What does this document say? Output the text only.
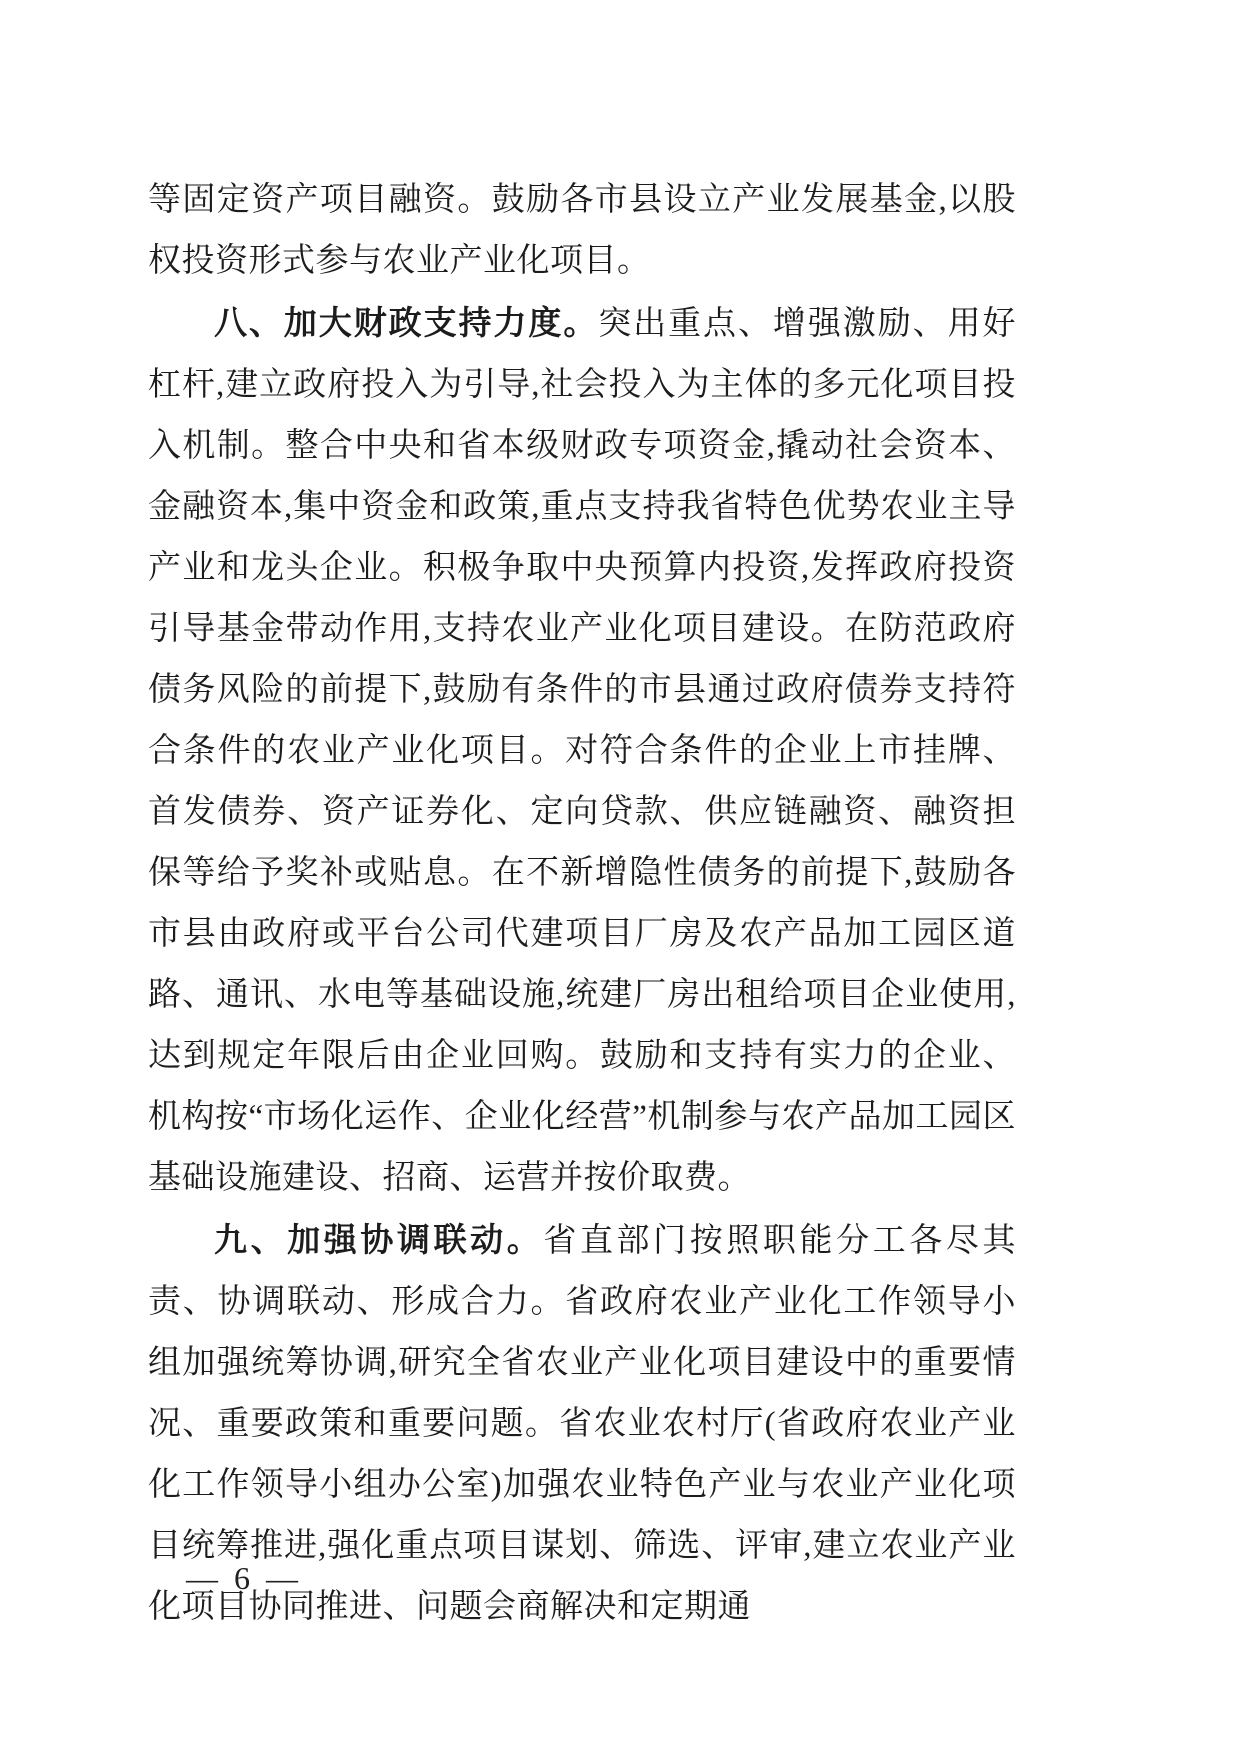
等固定资产项目融资。鼓励各市县设立产业发展基金,以股权投资形式参与农业产业化项目。

八、加大财政支持力度。突出重点、增强激励、用好杠杆,建立政府投入为引导,社会投入为主体的多元化项目投入机制。整合中央和省本级财政专项资金,撬动社会资本、金融资本,集中资金和政策,重点支持我省特色优势农业主导产业和龙头企业。积极争取中央预算内投资,发挥政府投资引导基金带动作用,支持农业产业化项目建设。在防范政府债务风险的前提下,鼓励有条件的市县通过政府债券支持符合条件的农业产业化项目。对符合条件的企业上市挂牌、首发债券、资产证券化、定向贷款、供应链融资、融资担保等给予奖补或贴息。在不新增隐性债务的前提下,鼓励各市县由政府或平台公司代建项目厂房及农产品加工园区道路、通讯、水电等基础设施,统建厂房出租给项目企业使用,达到规定年限后由企业回购。鼓励和支持有实力的企业、机构按“市场化运作、企业化经营”机制参与农产品加工园区基础设施建设、招商、运营并按价取费。

九、加强协调联动。省直部门按照职能分工各尽其责、协调联动、形成合力。省政府农业产业化工作领导小组加强统筹协调,研究全省农业产业化项目建设中的重要情况、重要政策和重要问题。省农业农村厅(省政府农业产业化工作领导小组办公室)加强农业特色产业与农业产业化项目统筹推进,强化重点项目谋划、筛选、评审,建立农业产业化项目协同推进、问题会商解决和定期通

— 6 —
